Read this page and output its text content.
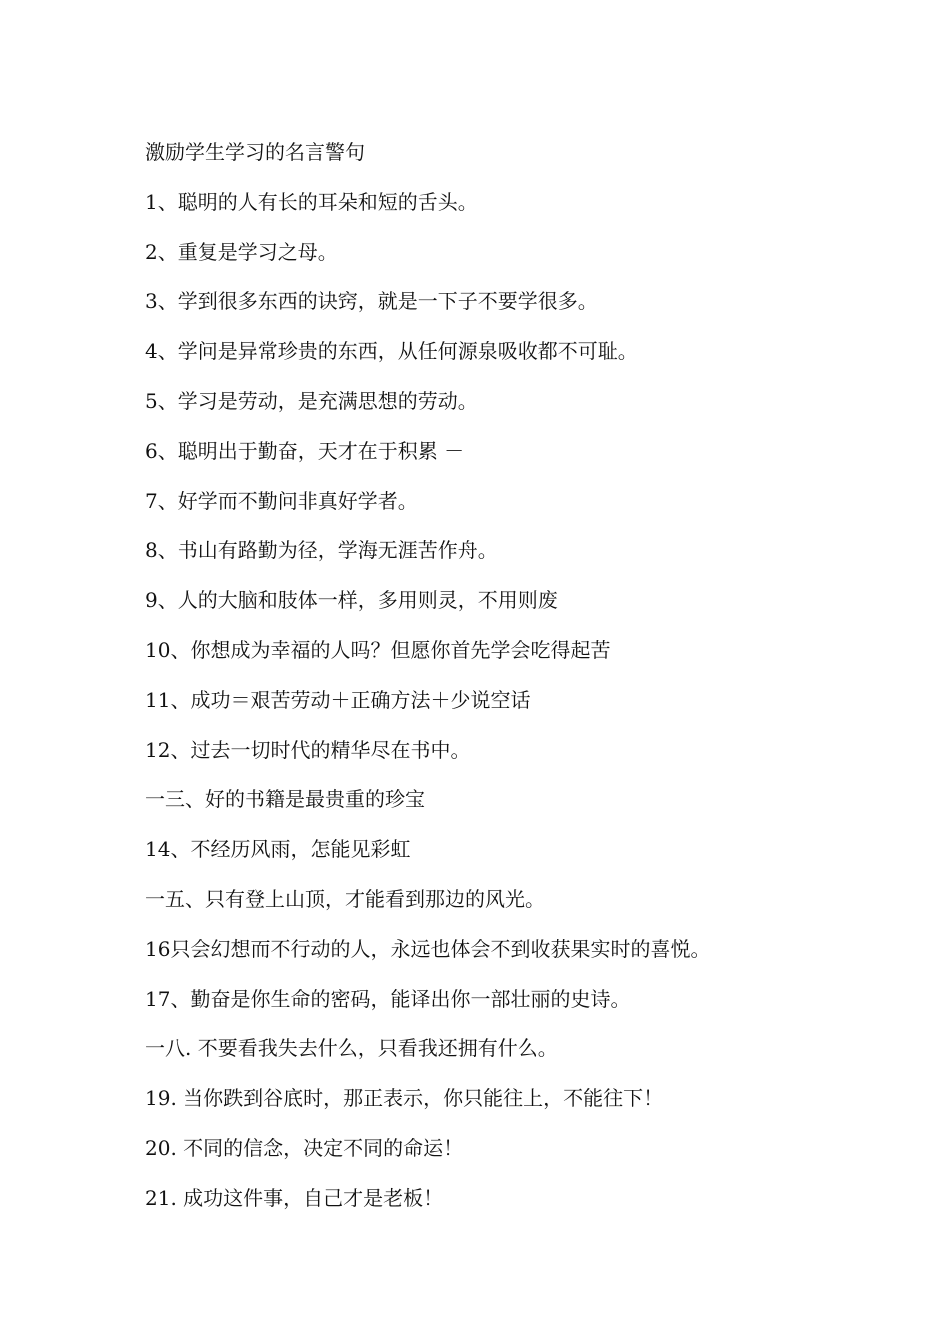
激励学生学习的名言警句
1、聪明的人有长的耳朵和短的舌头。
2、重复是学习之母。
3、学到很多东西的诀窍，就是一下子不要学很多。
4、学问是异常珍贵的东西，从任何源泉吸收都不可耻。
5、学习是劳动，是充满思想的劳动。
6、聪明出于勤奋，天才在于积累 －
7、好学而不勤问非真好学者。
8、书山有路勤为径，学海无涯苦作舟。
9、人的大脑和肢体一样，多用则灵，不用则废
10、你想成为幸福的人吗？但愿你首先学会吃得起苦
11、成功＝艰苦劳动＋正确方法＋少说空话
12、过去一切时代的精华尽在书中。
一三、好的书籍是最贵重的珍宝
14、不经历风雨，怎能见彩虹
一五、只有登上山顶，才能看到那边的风光。
16只会幻想而不行动的人，永远也体会不到收获果实时的喜悦。
17、勤奋是你生命的密码，能译出你一部壮丽的史诗。
一八. 不要看我失去什么，只看我还拥有什么。
19. 当你跌到谷底时，那正表示，你只能往上，不能往下！
20. 不同的信念，决定不同的命运！
21. 成功这件事，自己才是老板！
